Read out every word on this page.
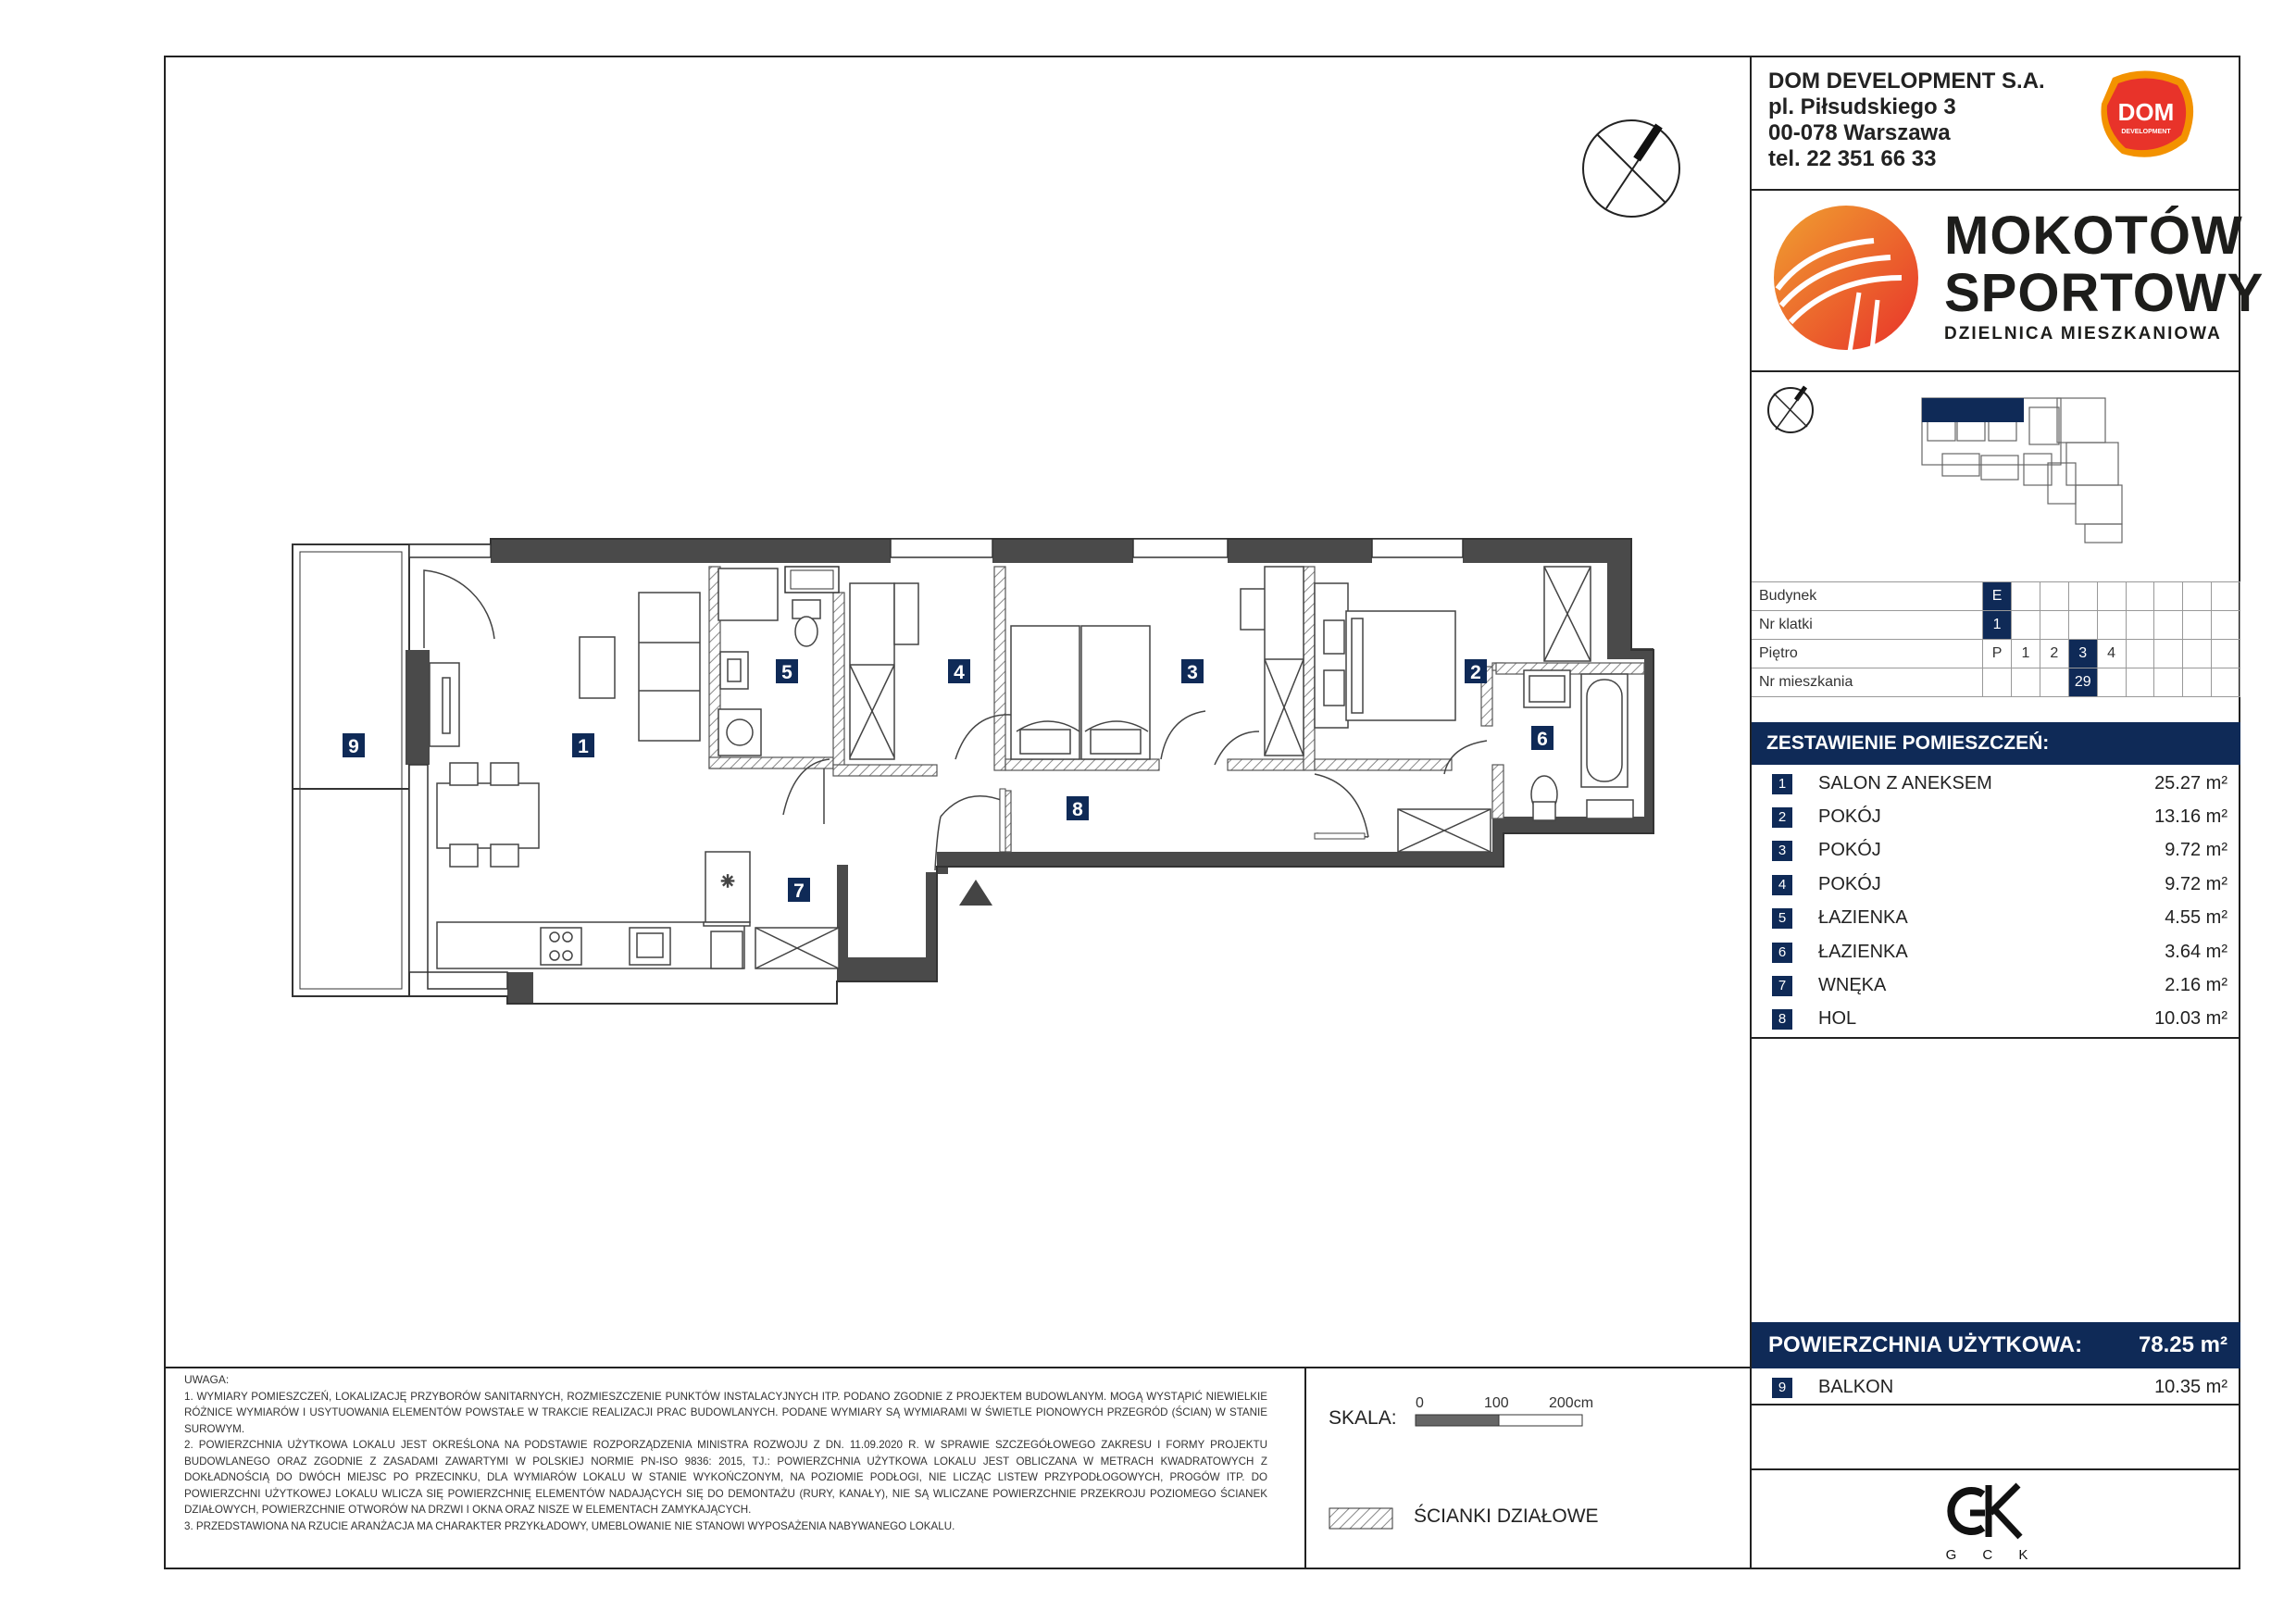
✳
1
2
3
4
5
6
7
8
9
DOM DEVELOPMENT S.A.
pl. Piłsudskiego 3
00-078 Warszawa
tel. 22 351 66 33
DOM
DEVELOPMENT
MOKOTÓW
SPORTOWY
DZIELNICA MIESZKANIOWA
Budynek	E								
Nr klatki	1								
Piętro	P	1	2	3	4				
Nr mieszkania				29					
ZESTAWIENIE POMIESZCZEŃ:
1	SALON Z ANEKSEM	25.27 m²
2	POKÓJ	13.16 m²
3	POKÓJ	9.72 m²
4	POKÓJ	9.72 m²
5	ŁAZIENKA	4.55 m²
6	ŁAZIENKA	3.64 m²
7	WNĘKA	2.16 m²
8	HOL	10.03 m²
POWIERZCHNIA UŻYTKOWA:	78.25 m²
9	BALKON	10.35 m²
G C K
UWAGA:
1. WYMIARY POMIESZCZEŃ, LOKALIZACJĘ PRZYBORÓW SANITARNYCH, ROZMIESZCZENIE PUNKTÓW INSTALACYJNYCH ITP. PODANO ZGODNIE Z PROJEKTEM BUDOWLANYM. MOGĄ WYSTĄPIĆ NIEWIELKIE RÓŻNICE WYMIARÓW I USYTUOWANIA ELEMENTÓW POWSTAŁE W TRAKCIE REALIZACJI PRAC BUDOWLANYCH. PODANE WYMIARY SĄ WYMIARAMI W ŚWIETLE PIONOWYCH PRZEGRÓD (ŚCIAN) W STANIE SUROWYM.
2. POWIERZCHNIA UŻYTKOWA LOKALU JEST OKREŚLONA NA PODSTAWIE ROZPORZĄDZENIA MINISTRA ROZWOJU Z DN. 11.09.2020 R. W SPRAWIE SZCZEGÓŁOWEGO ZAKRESU I FORMY PROJEKTU BUDOWLANEGO ORAZ ZGODNIE Z ZASADAMI ZAWARTYMI W POLSKIEJ NORMIE PN-ISO 9836: 2015, TJ.: POWIERZCHNIA UŻYTKOWA LOKALU JEST OBLICZANA W METRACH KWADRATOWYCH Z DOKŁADNOŚCIĄ DO DWÓCH MIEJSC PO PRZECINKU, DLA WYMIARÓW LOKALU W STANIE WYKOŃCZONYM, NA POZIOMIE PODŁOGI, NIE LICZĄC LISTEW PRZYPODŁOGOWYCH, PROGÓW ITP. DO POWIERZCHNI UŻYTKOWEJ LOKALU WLICZA SIĘ POWIERZCHNIĘ ELEMENTÓW NADAJĄCYCH SIĘ DO DEMONTAŻU (RURY, KANAŁY), NIE SĄ WLICZANE POWIERZCHNIE PRZEKROJU POZIOMEGO ŚCIANEK DZIAŁOWYCH, POWIERZCHNIE OTWORÓW NA DRZWI I OKNA ORAZ NISZE W ELEMENTACH ZAMYKAJĄCYCH.
3. PRZEDSTAWIONA NA RZUCIE ARANŻACJA MA CHARAKTER PRZYKŁADOWY, UMEBLOWANIE NIE STANOWI WYPOSAŻENIA NABYWANEGO LOKALU.
SKALA:
0	100	200cm
ŚCIANKI DZIAŁOWE
